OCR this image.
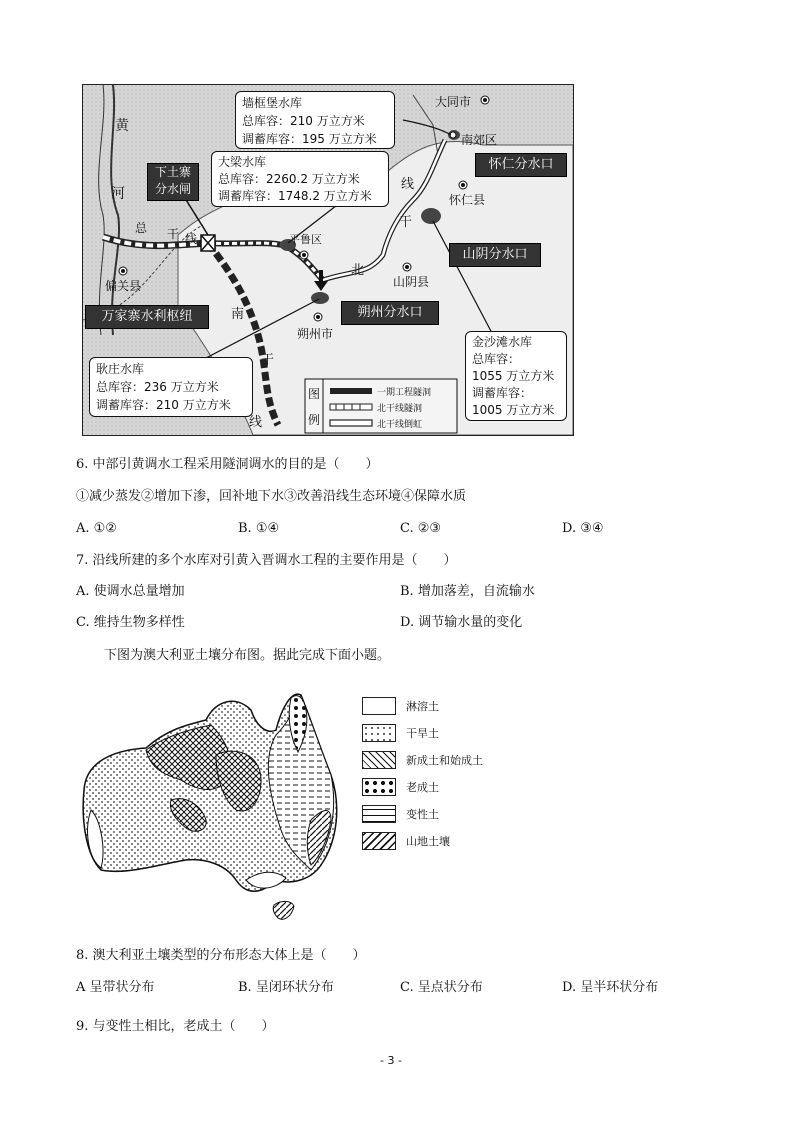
墙框堡水库
总库容：210 万立方米
调蓄库容：195 万立方米
大梁水库
总库容：2260.2 万立方米
调蓄库容：1748.2 万立方米
耿庄水库
总库容：236 万立方米
调蓄库容：210 万立方米
金沙滩水库
总库容：
1055 万立方米
调蓄库容：
1005 万立方米
万家寨水利枢纽
下土寨
分水闸
怀仁分水口
山阴分水口
朔州分水口
黄
河
总 干 线
偏关县
平鲁区
北
干
线
南
干
线
朔州市
山阴县
怀仁县
大同市
南郊区
图
例
一期工程隧洞
北干线隧洞
北干线倒虹
6. 中部引黄调水工程采用隧洞调水的目的是（　　）
①减少蒸发②增加下渗，回补地下水③改善沿线生态环境④保障水质
A. ①②	B. ①④	C. ②③	D. ③④
7. 沿线所建的多个水库对引黄入晋调水工程的主要作用是（　　）
A. 使调水总量增加	B. 增加落差，自流输水
C. 维持生物多样性	D. 调节输水量的变化
下图为澳大利亚土壤分布图。据此完成下面小题。
淋溶土
干旱土
新成土和始成土
老成土
变性土
山地土壤
8. 澳大利亚土壤类型的分布形态大体上是（　　）
A 呈带状分布	B. 呈闭环状分布	C. 呈点状分布	D. 呈半环状分布
9. 与变性土相比，老成土（　　）
- 3 -
